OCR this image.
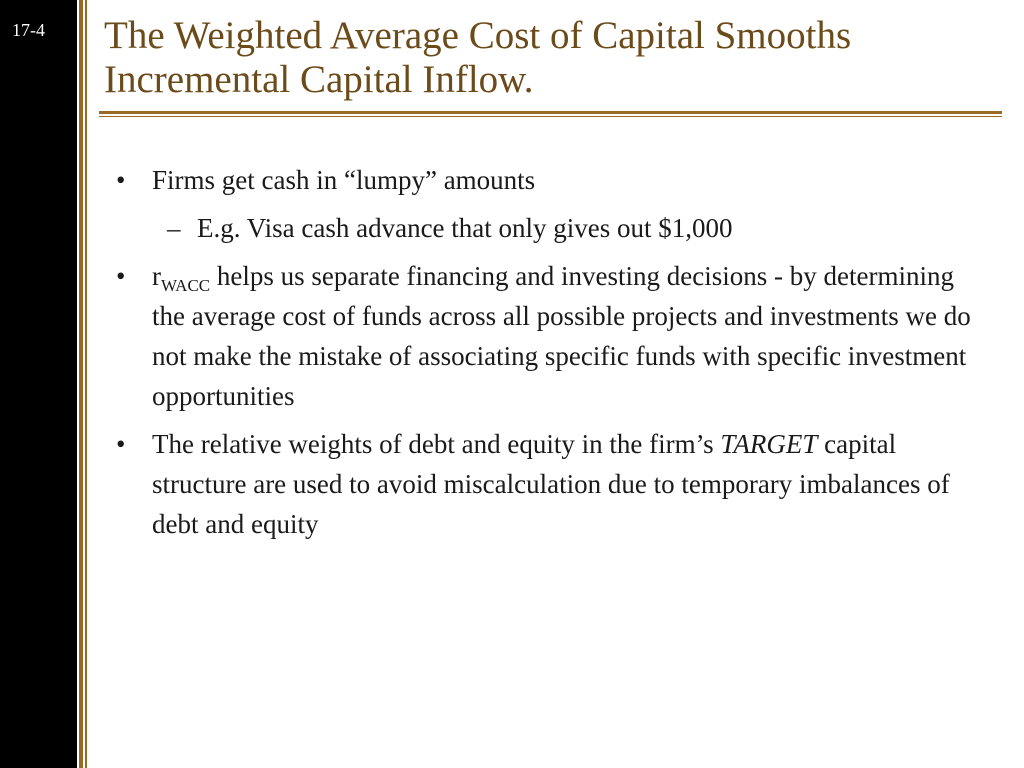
17-4 The Weighted Average Cost of Capital Smooths
Incremental Capital Inflow.
• Firms get cash in “lumpy” amounts
– E.g. Visa cash advance that only gives out $1,000
• $r_{WACC}$ helps us separate financing and investing decisions - by determining the average cost of funds across all possible projects and investments we do not make the mistake of associating specific funds with specific investment opportunities
• The relative weights of debt and equity in the firm’s TARGET capital structure are used to avoid miscalculation due to temporary imbalances of debt and equity
